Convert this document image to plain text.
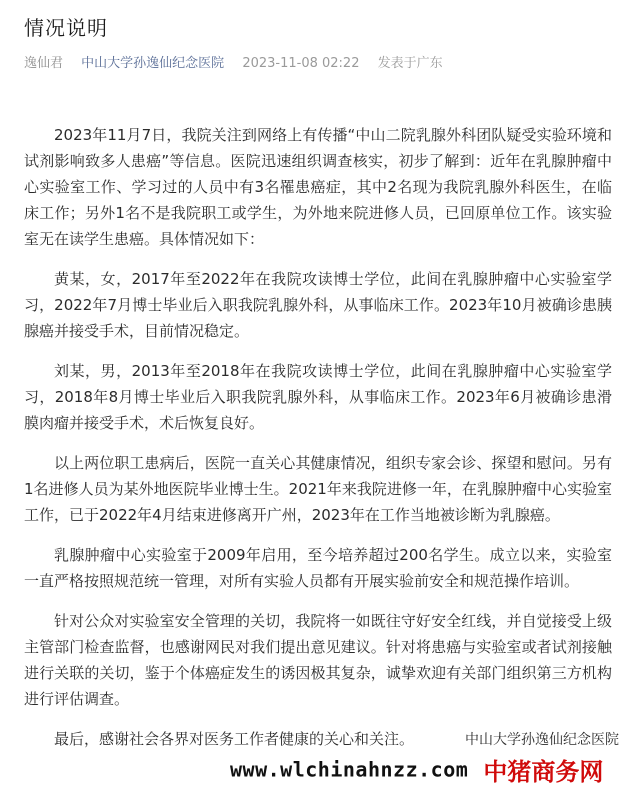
情况说明
逸仙君 中山大学孙逸仙纪念医院 2023-11-08 02:22 发表于广东

2023年11月7日，我院关注到网络上有传播“中山二院乳腺外科团队疑受实验环境和试剂影响致多人患癌”等信息。医院迅速组织调查核实，初步了解到：近年在乳腺肿瘤中心实验室工作、学习过的人员中有3名罹患癌症，其中2名现为我院乳腺外科医生，在临床工作；另外1名不是我院职工或学生，为外地来院进修人员，已回原单位工作。该实验室无在读学生患癌。具体情况如下：

黄某，女，2017年至2022年在我院攻读博士学位，此间在乳腺肿瘤中心实验室学习，2022年7月博士毕业后入职我院乳腺外科，从事临床工作。2023年10月被确诊患胰腺癌并接受手术，目前情况稳定。

刘某，男，2013年至2018年在我院攻读博士学位，此间在乳腺肿瘤中心实验室学习，2018年8月博士毕业后入职我院乳腺外科，从事临床工作。2023年6月被确诊患滑膜肉瘤并接受手术，术后恢复良好。

以上两位职工患病后，医院一直关心其健康情况，组织专家会诊、探望和慰问。另有1名进修人员为某外地医院毕业博士生。2021年来我院进修一年，在乳腺肿瘤中心实验室工作，已于2022年4月结束进修离开广州，2023年在工作当地被诊断为乳腺癌。

乳腺肿瘤中心实验室于2009年启用，至今培养超过200名学生。成立以来，实验室一直严格按照规范统一管理，对所有实验人员都有开展实验前安全和规范操作培训。

针对公众对实验室安全管理的关切，我院将一如既往守好安全红线，并自觉接受上级主管部门检查监督，也感谢网民对我们提出意见建议。针对将患癌与实验室或者试剂接触进行关联的关切，鉴于个体癌症发生的诱因极其复杂，诚挚欢迎有关部门组织第三方机构进行评估调查。

最后，感谢社会各界对医务工作者健康的关心和关注。	中山大学孙逸仙纪念医院
www.wlchinahnzz.com 中猪商务网
